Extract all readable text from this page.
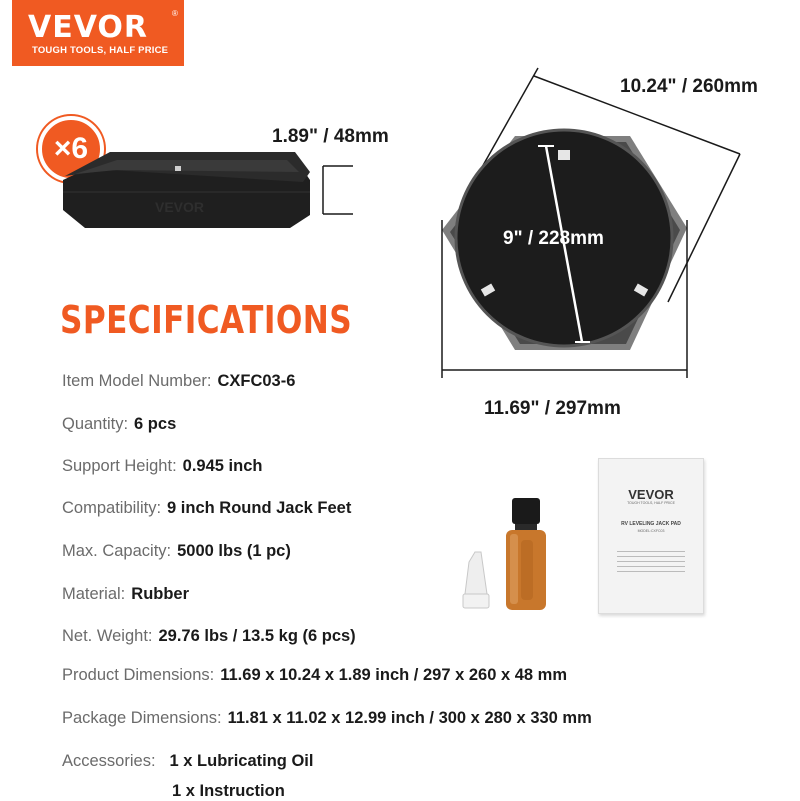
VEVOR	®
TOUGH TOOLS, HALF PRICE
×6
VEVOR
1.89" / 48mm
10.24" / 260mm
9" / 228mm
11.69" / 297mm
SPECIFICATIONS
Item Model Number: CXFC03-6
Quantity: 6 pcs
Support Height: 0.945 inch
Compatibility: 9 inch Round Jack Feet
Max. Capacity: 5000 lbs (1 pc)
Material: Rubber
Net. Weight: 29.76 lbs / 13.5 kg (6 pcs)
Product Dimensions: 11.69 x 10.24 x 1.89 inch / 297 x 260 x 48 mm
Package Dimensions: 11.81 x 11.02 x 12.99 inch / 300 x 280 x 330 mm
Accessories: 1 x Lubricating Oil
1 x Instruction
VEVOR
TOUGH TOOLS, HALF PRICE
RV LEVELING JACK PAD
MODEL:CXFC03
